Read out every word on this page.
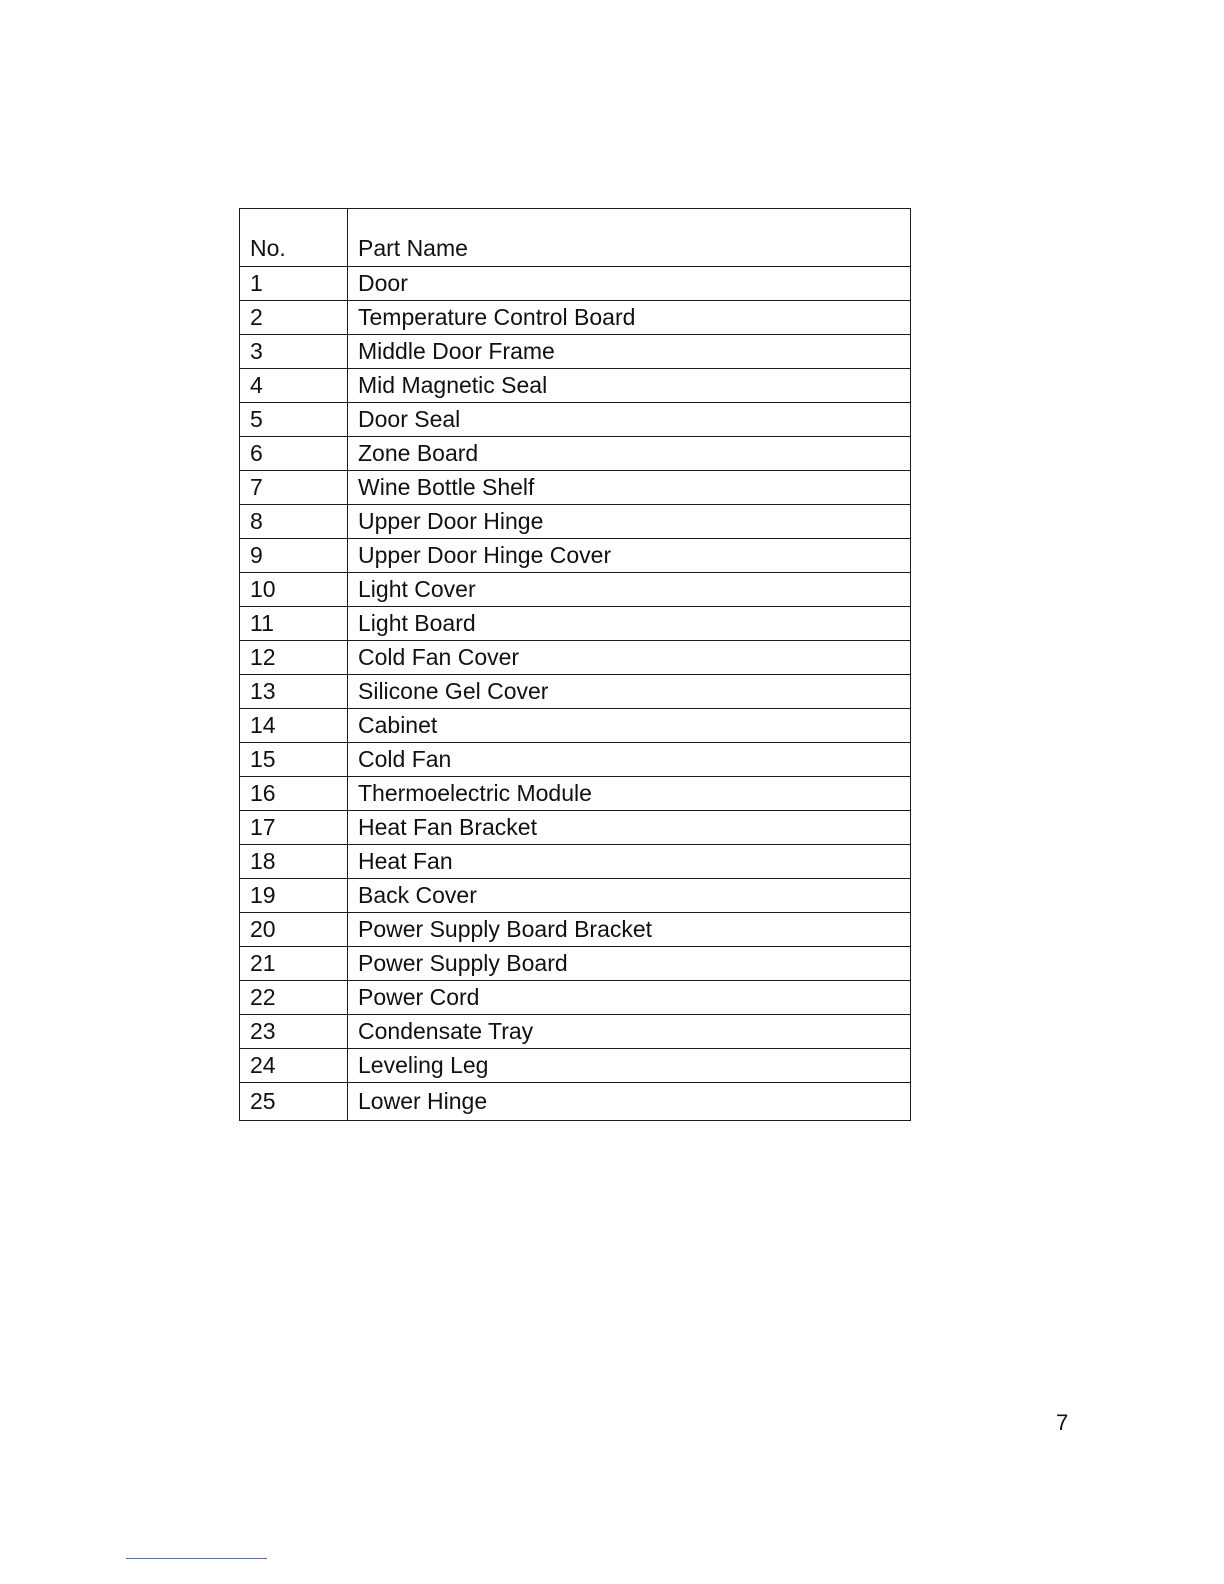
No.	Part Name
1	Door
2	Temperature Control Board
3	Middle Door Frame
4	Mid Magnetic Seal
5	Door Seal
6	Zone Board
7	Wine Bottle Shelf
8	Upper Door Hinge
9	Upper Door Hinge Cover
10	Light Cover
11	Light Board
12	Cold Fan Cover
13	Silicone Gel Cover
14	Cabinet
15	Cold Fan
16	Thermoelectric Module
17	Heat Fan Bracket
18	Heat Fan
19	Back Cover
20	Power Supply Board Bracket
21	Power Supply Board
22	Power Cord
23	Condensate Tray
24	Leveling Leg
25	Lower Hinge
7
